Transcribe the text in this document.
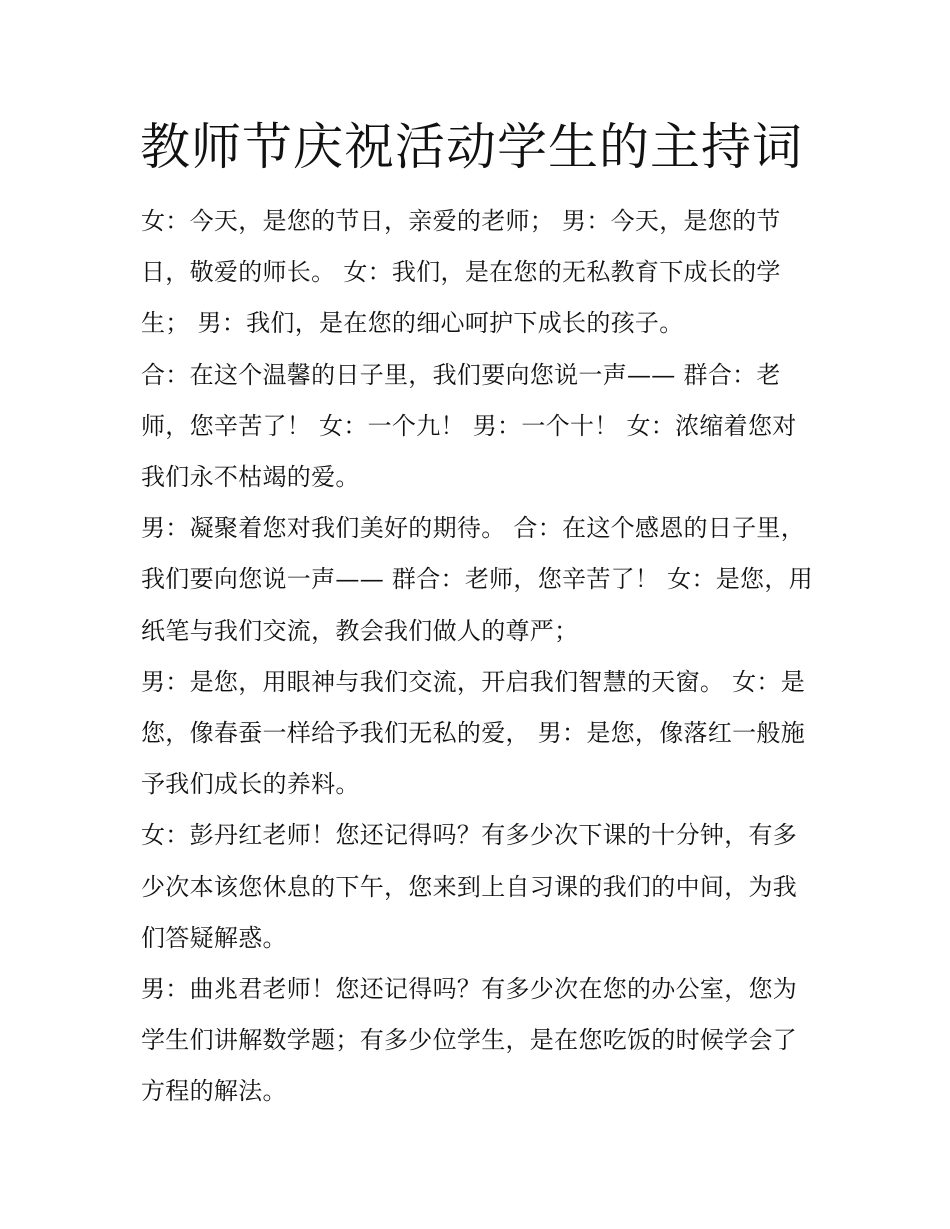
教师节庆祝活动学生的主持词

女：今天，是您的节日，亲爱的老师； 男：今天，是您的节日，敬爱的师长。 女：我们，是在您的无私教育下成长的学生； 男：我们，是在您的细心呵护下成长的孩子。

合：在这个温馨的日子里，我们要向您说一声—— 群合：老师，您辛苦了！ 女：一个九！ 男：一个十！ 女：浓缩着您对我们永不枯竭的爱。

男：凝聚着您对我们美好的期待。 合：在这个感恩的日子里，我们要向您说一声—— 群合：老师，您辛苦了！ 女：是您，用纸笔与我们交流，教会我们做人的尊严；

男：是您，用眼神与我们交流，开启我们智慧的天窗。 女：是您，像春蚕一样给予我们无私的爱， 男：是您，像落红一般施予我们成长的养料。

女：彭丹红老师！您还记得吗？有多少次下课的十分钟，有多少次本该您休息的下午，您来到上自习课的我们的中间，为我们答疑解惑。

男：曲兆君老师！您还记得吗？有多少次在您的办公室，您为学生们讲解数学题；有多少位学生，是在您吃饭的时候学会了方程的解法。
